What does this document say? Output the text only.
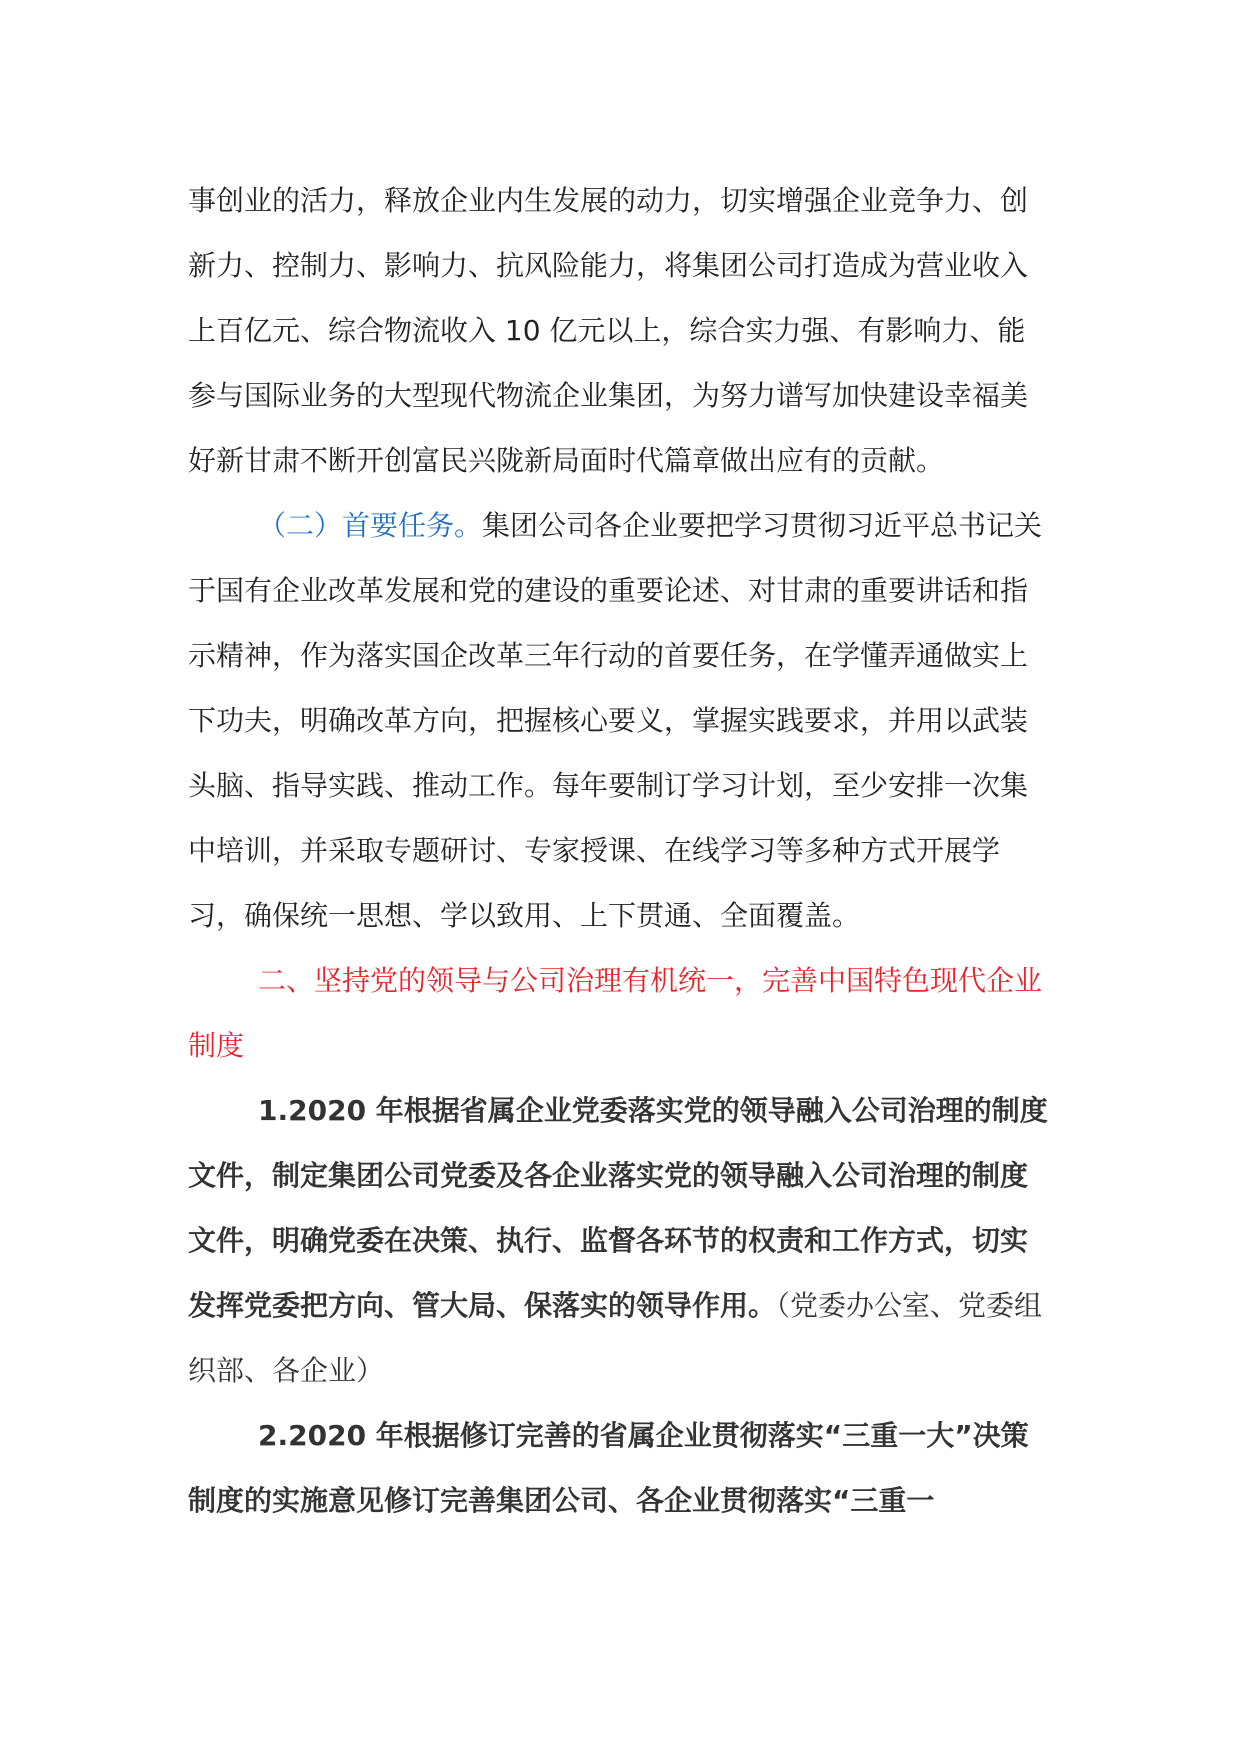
事创业的活力，释放企业内生发展的动力，切实增强企业竞争力、创新力、控制力、影响力、抗风险能力，将集团公司打造成为营业收入上百亿元、综合物流收入 10 亿元以上，综合实力强、有影响力、能参与国际业务的大型现代物流企业集团，为努力谱写加快建设幸福美好新甘肃不断开创富民兴陇新局面时代篇章做出应有的贡献。

（二）首要任务。集团公司各企业要把学习贯彻习近平总书记关于国有企业改革发展和党的建设的重要论述、对甘肃的重要讲话和指示精神，作为落实国企改革三年行动的首要任务，在学懂弄通做实上下功夫，明确改革方向，把握核心要义，掌握实践要求，并用以武装头脑、指导实践、推动工作。每年要制订学习计划，至少安排一次集中培训，并采取专题研讨、专家授课、在线学习等多种方式开展学习，确保统一思想、学以致用、上下贯通、全面覆盖。

二、坚持党的领导与公司治理有机统一，完善中国特色现代企业制度

1.2020 年根据省属企业党委落实党的领导融入公司治理的制度文件，制定集团公司党委及各企业落实党的领导融入公司治理的制度文件，明确党委在决策、执行、监督各环节的权责和工作方式，切实发挥党委把方向、管大局、保落实的领导作用。（党委办公室、党委组织部、各企业）

2.2020 年根据修订完善的省属企业贯彻落实“三重一大”决策制度的实施意见修订完善集团公司、各企业贯彻落实“三重一
